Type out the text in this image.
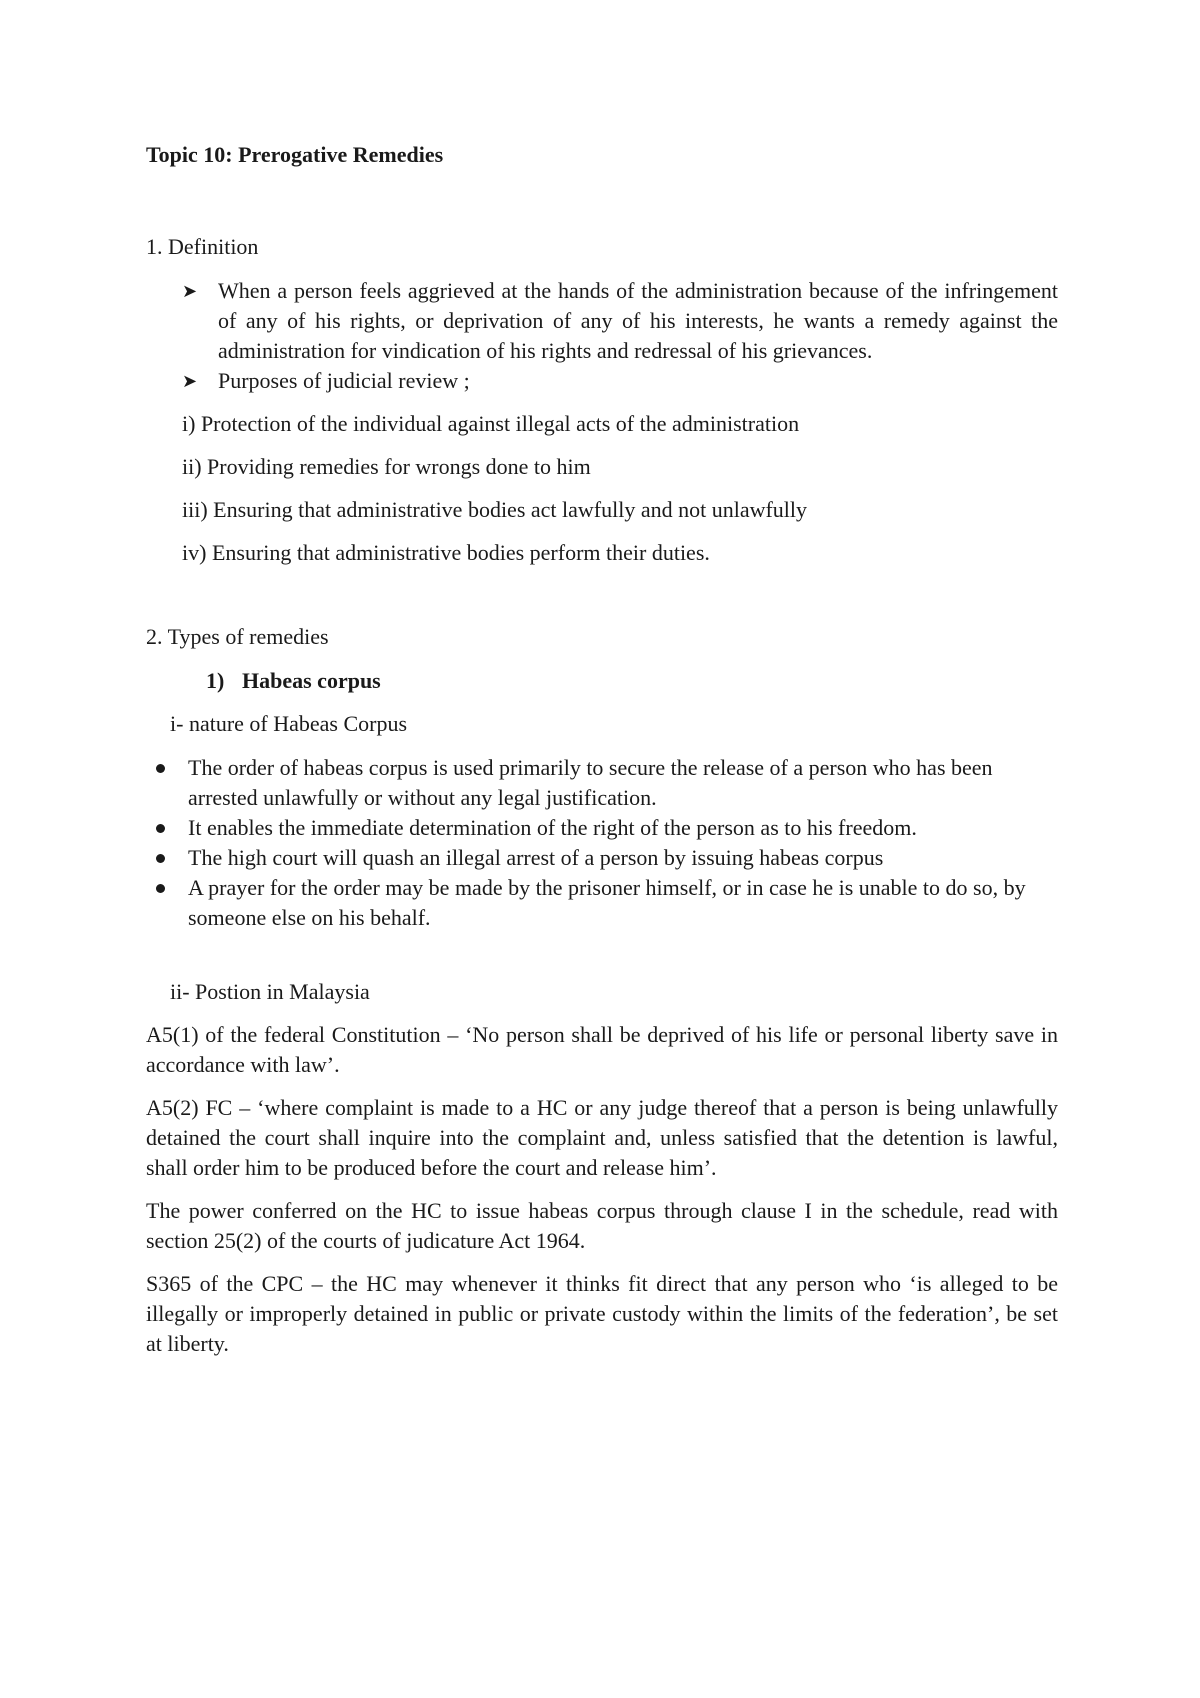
Topic 10: Prerogative Remedies

1. Definition

➤ When a person feels aggrieved at the hands of the administration because of the infringement of any of his rights, or deprivation of any of his interests, he wants a remedy against the administration for vindication of his rights and redressal of his grievances.
➤ Purposes of judicial review ;

i) Protection of the individual against illegal acts of the administration

ii) Providing remedies for wrongs done to him

iii) Ensuring that administrative bodies act lawfully and not unlawfully

iv) Ensuring that administrative bodies perform their duties.

2. Types of remedies

1) Habeas corpus

i- nature of Habeas Corpus

The order of habeas corpus is used primarily to secure the release of a person who has been arrested unlawfully or without any legal justification.
It enables the immediate determination of the right of the person as to his freedom.
The high court will quash an illegal arrest of a person by issuing habeas corpus
A prayer for the order may be made by the prisoner himself, or in case he is unable to do so, by someone else on his behalf.

ii- Postion in Malaysia

A5(1) of the federal Constitution – ‘No person shall be deprived of his life or personal liberty save in accordance with law’.

A5(2) FC – ‘where complaint is made to a HC or any judge thereof that a person is being unlawfully detained the court shall inquire into the complaint and, unless satisfied that the detention is lawful, shall order him to be produced before the court and release him’.

The power conferred on the HC to issue habeas corpus through clause I in the schedule, read with section 25(2) of the courts of judicature Act 1964.

S365 of the CPC – the HC may whenever it thinks fit direct that any person who ‘is alleged to be illegally or improperly detained in public or private custody within the limits of the federation’, be set at liberty.
